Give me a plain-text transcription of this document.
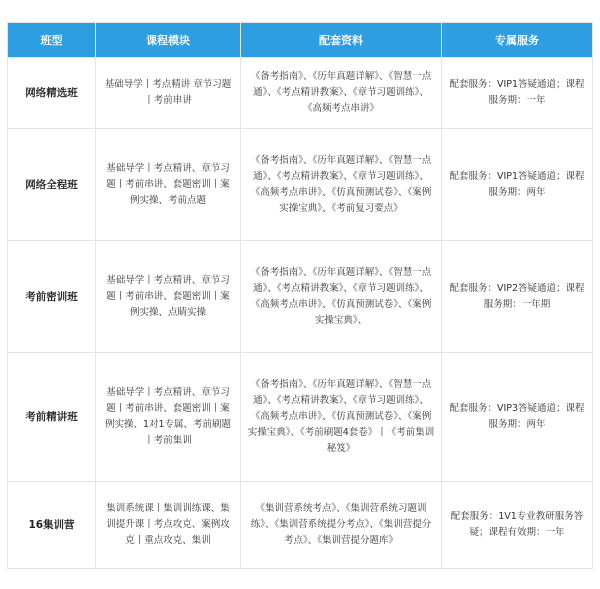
班型	课程模块	配套资料	专属服务
网络精选班	基础导学丨考点精讲 章节习题丨考前串讲	《备考指南》、《历年真题详解》、《智慧一点通》、《考点精讲教案》、《章节习题训练》、《高频考点串讲》	配套服务：VIP1答疑通道；课程服务期：一年
网络全程班	基础导学丨考点精讲、章节习题丨考前串讲、套题密训丨案例实操、考前点题	《备考指南》、《历年真题详解》、《智慧一点通》、《考点精讲教案》、《章节习题训练》、《高频考点串讲》、《仿真预测试卷》、《案例实操宝典》、《考前复习要点》	配套服务：VIP1答疑通道；课程服务期：两年
考前密训班	基础导学丨考点精讲、章节习题丨考前串讲、套题密训丨案例实操、点睛实操	《备考指南》、《历年真题详解》、《智慧一点通》、《考点精讲教案》、《章节习题训练》、《高频考点串讲》、《仿真预测试卷》、《案例实操宝典》、	配套服务：VIP2答疑通道；课程服务期：一年期
考前精讲班	基础导学丨考点精讲、章节习题丨考前串讲、套题密训丨案例实操、1对1专属、考前刷题丨考前集训	《备考指南》、《历年真题详解》、《智慧一点通》、《考点精讲教案》、《章节习题训练》、《高频考点串讲》、《仿真预测试卷》、《案例实操宝典》、《考前刷题4套卷》丨《考前集训秘笈》	配套服务：VIP3答疑通道；课程服务期：两年
16集训营	集训系统课丨集训训练课、集训提升课丨考点攻克、案例攻克丨重点攻克、集训	《集训营系统考点》、《集训营系统习题训练》、《集训营系统提分考点》、《集训营提分考点》、《集训营提分题库》	配套服务：1V1专业教研服务答疑；课程有效期：一年
